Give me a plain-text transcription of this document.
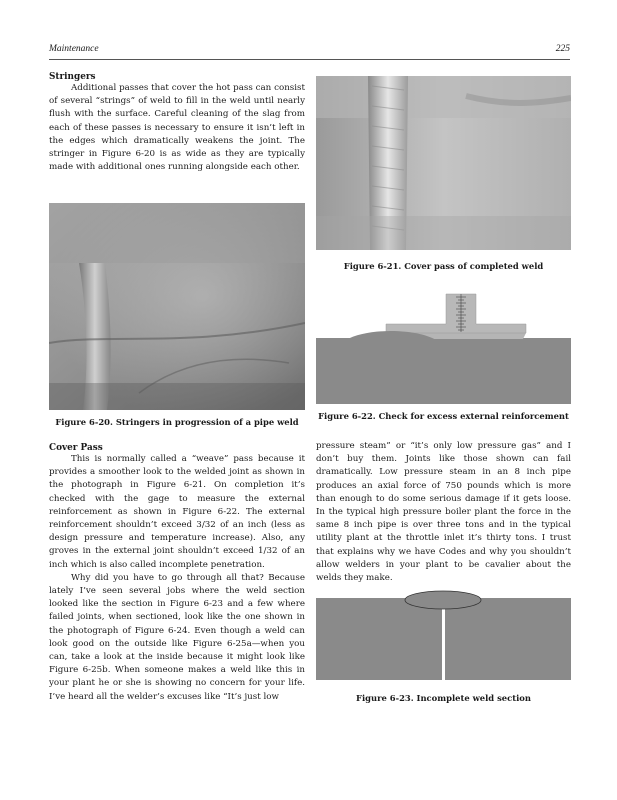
Maintenance	225

Stringers

Additional passes that cover the hot pass can consist of several “strings” of weld to fill in the weld until nearly flush with the surface. Careful cleaning of the slag from each of these passes is necessary to ensure it isn’t left in the edges which dramatically weakens the joint. The stringer in Figure 6-20 is as wide as they are typically made with additional ones running alongside each other.

Figure 6-20. Stringers in progression of a pipe weld

Cover Pass

This is normally called a “weave” pass because it provides a smoother look to the welded joint as shown in the photograph in Figure 6-21. On completion it’s checked with the gage to measure the external reinforcement as shown in Figure 6-22. The external reinforcement shouldn’t exceed 3/32 of an inch (less as design pressure and temperature increase). Also, any groves in the external joint shouldn’t exceed 1/32 of an inch which is also called incomplete penetration.

Why did you have to go through all that? Because lately I’ve seen several jobs where the weld section looked like the section in Figure 6-23 and a few where failed joints, when sectioned, look like the one shown in the photograph of Figure 6-24. Even though a weld can look good on the outside like Figure 6-25a—when you can, take a look at the inside because it might look like Figure 6-25b. When someone makes a weld like this in your plant he or she is showing no concern for your life. I’ve heard all the welder’s excuses like “It’s just low

Figure 6-21. Cover pass of completed weld
Figure 6-22. Check for excess external reinforcement

pressure steam” or “it’s only low pressure gas” and I don’t buy them. Joints like those shown can fail dramatically. Low pressure steam in an 8 inch pipe produces an axial force of 750 pounds which is more than enough to do some serious damage if it gets loose. In the typical high pressure boiler plant the force in the same 8 inch pipe is over three tons and in the typical utility plant at the throttle inlet it’s thirty tons. I trust that explains why we have Codes and why you shouldn’t allow welders in your plant to be cavalier about the welds they make.

Figure 6-23. Incomplete weld section
